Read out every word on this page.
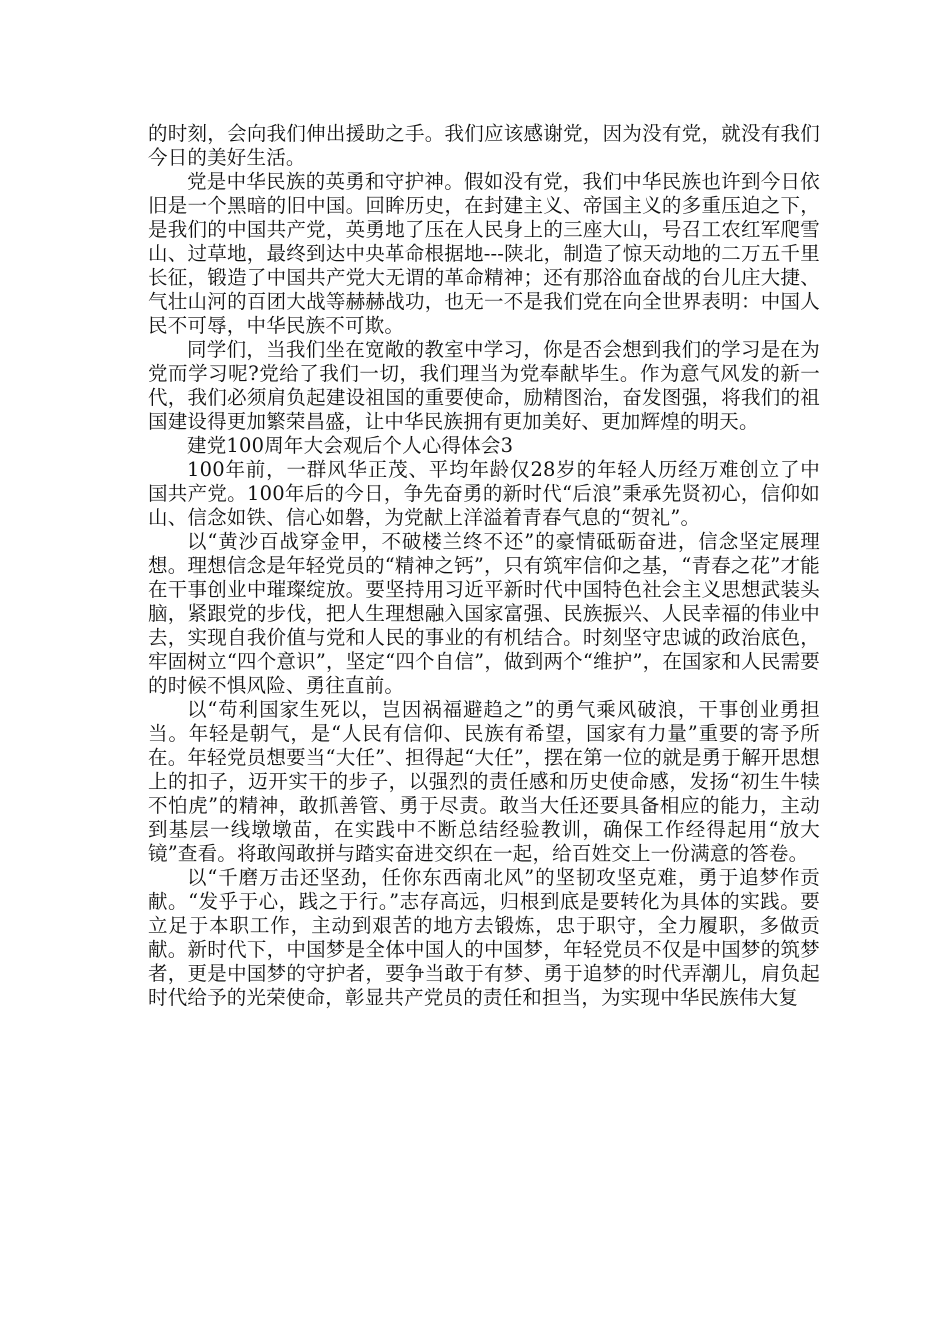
的时刻，会向我们伸出援助之手。我们应该感谢党，因为没有党，就没有我们今日的美好生活。

党是中华民族的英勇和守护神。假如没有党，我们中华民族也许到今日依旧是一个黑暗的旧中国。回眸历史，在封建主义、帝国主义的多重压迫之下，是我们的中国共产党，英勇地了压在人民身上的三座大山，号召工农红军爬雪山、过草地，最终到达中央革命根据地---陕北，制造了惊天动地的二万五千里长征，锻造了中国共产党大无谓的革命精神；还有那浴血奋战的台儿庄大捷、气壮山河的百团大战等赫赫战功，也无一不是我们党在向全世界表明：中国人民不可辱，中华民族不可欺。

同学们，当我们坐在宽敞的教室中学习，你是否会想到我们的学习是在为党而学习呢?党给了我们一切，我们理当为党奉献毕生。作为意气风发的新一代，我们必须肩负起建设祖国的重要使命，励精图治，奋发图强，将我们的祖国建设得更加繁荣昌盛，让中华民族拥有更加美好、更加辉煌的明天。

建党100周年大会观后个人心得体会3

100年前，一群风华正茂、平均年龄仅28岁的年轻人历经万难创立了中国共产党。100年后的今日，争先奋勇的新时代“后浪”秉承先贤初心，信仰如山、信念如铁、信心如磐，为党献上洋溢着青春气息的“贺礼”。

以“黄沙百战穿金甲，不破楼兰终不还”的豪情砥砺奋进，信念坚定展理想。理想信念是年轻党员的“精神之钙”，只有筑牢信仰之基，“青春之花”才能在干事创业中璀璨绽放。要坚持用习近平新时代中国特色社会主义思想武装头脑，紧跟党的步伐，把人生理想融入国家富强、民族振兴、人民幸福的伟业中去，实现自我价值与党和人民的事业的有机结合。时刻坚守忠诚的政治底色，牢固树立“四个意识”，坚定“四个自信”，做到两个“维护”，在国家和人民需要的时候不惧风险、勇往直前。

以“苟利国家生死以，岂因祸福避趋之”的勇气乘风破浪，干事创业勇担当。年轻是朝气，是“人民有信仰、民族有希望，国家有力量”重要的寄予所在。年轻党员想要当“大任”、担得起“大任”，摆在第一位的就是勇于解开思想上的扣子，迈开实干的步子，以强烈的责任感和历史使命感，发扬“初生牛犊不怕虎”的精神，敢抓善管、勇于尽责。敢当大任还要具备相应的能力，主动到基层一线墩墩苗，在实践中不断总结经验教训，确保工作经得起用“放大镜”查看。将敢闯敢拼与踏实奋进交织在一起，给百姓交上一份满意的答卷。

以“千磨万击还坚劲，任你东西南北风”的坚韧攻坚克难，勇于追梦作贡献。“发乎于心，践之于行。”志存高远，归根到底是要转化为具体的实践。要立足于本职工作，主动到艰苦的地方去锻炼，忠于职守，全力履职，多做贡献。新时代下，中国梦是全体中国人的中国梦，年轻党员不仅是中国梦的筑梦者，更是中国梦的守护者，要争当敢于有梦、勇于追梦的时代弄潮儿，肩负起时代给予的光荣使命，彰显共产党员的责任和担当，为实现中华民族伟大复
